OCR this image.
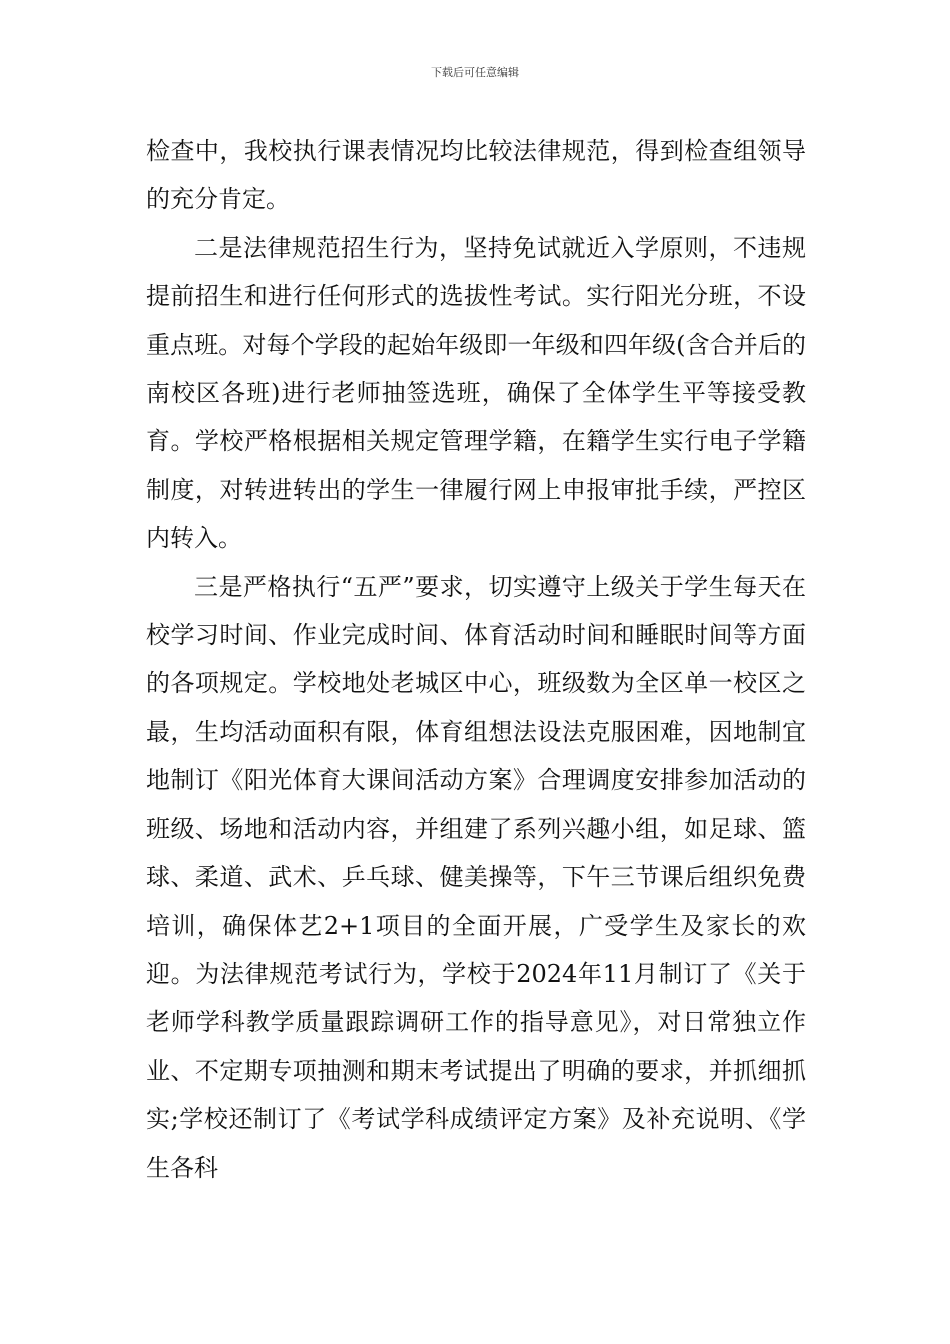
下载后可任意编辑

检查中，我校执行课表情况均比较法律规范，得到检查组领导的充分肯定。

二是法律规范招生行为，坚持免试就近入学原则，不违规提前招生和进行任何形式的选拔性考试。实行阳光分班，不设重点班。对每个学段的起始年级即一年级和四年级(含合并后的南校区各班)进行老师抽签选班，确保了全体学生平等接受教育。学校严格根据相关规定管理学籍，在籍学生实行电子学籍制度，对转进转出的学生一律履行网上申报审批手续，严控区内转入。

三是严格执行“五严”要求，切实遵守上级关于学生每天在校学习时间、作业完成时间、体育活动时间和睡眠时间等方面的各项规定。学校地处老城区中心，班级数为全区单一校区之最，生均活动面积有限，体育组想法设法克服困难，因地制宜地制订《阳光体育大课间活动方案》合理调度安排参加活动的班级、场地和活动内容，并组建了系列兴趣小组，如足球、篮球、柔道、武术、乒乓球、健美操等，下午三节课后组织免费培训，确保体艺2+1项目的全面开展，广受学生及家长的欢迎。为法律规范考试行为，学校于2024年11月制订了《关于老师学科教学质量跟踪调研工作的指导意见》，对日常独立作业、不定期专项抽测和期末考试提出了明确的要求，并抓细抓实;学校还制订了《考试学科成绩评定方案》及补充说明、《学生各科
